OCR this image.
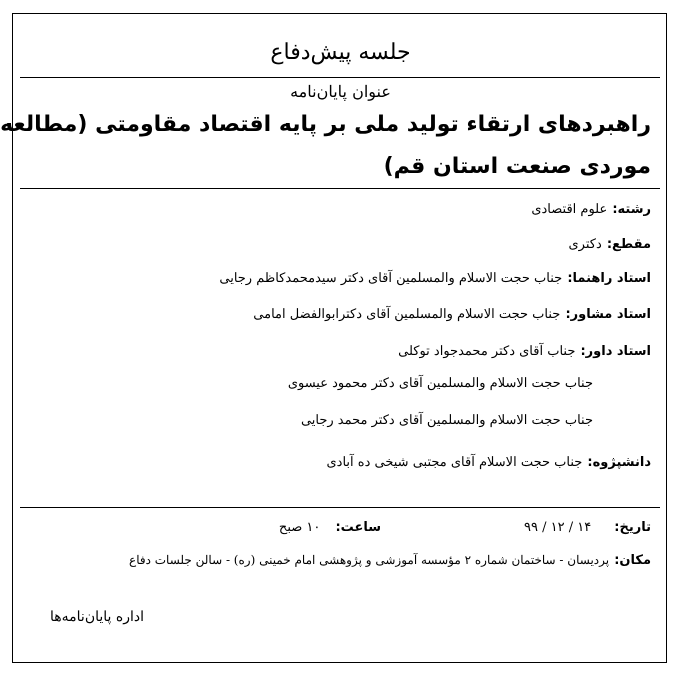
جلسه پیش‌دفاع
عنوان پایان‌نامه
راهبردهای ارتقاء تولید ملی بر پایه اقتصاد مقاومتی (مطالعه
موردی صنعت استان قم)
رشته: علوم اقتصادی
مقطع: دکتری
استاد راهنما: جناب حجت الاسلام والمسلمین آقای دکتر سیدمحمدکاظم رجایی
استاد مشاور: جناب حجت الاسلام والمسلمین آقای دکترابوالفضل امامی
استاد داور: جناب آقای دکتر محمدجواد توکلی
جناب حجت الاسلام والمسلمین آقای دکتر محمود عیسوی
جناب حجت الاسلام والمسلمین آقای دکتر محمد رجایی
دانشپژوه: جناب حجت الاسلام آقای مجتبی شیخی ده آبادی
تاریخ: ۱۴ / ۱۲ / ۹۹
ساعت: ۱۰ صبح
مکان: پردیسان - ساختمان شماره ۲ مؤسسه آموزشی و پژوهشی امام خمینی (ره) - سالن جلسات دفاع
اداره پایان‌نامه‌ها
